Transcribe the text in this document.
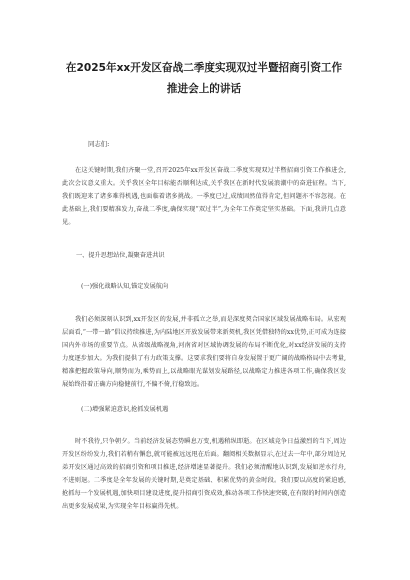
在2025年xx开发区奋战二季度实现双过半暨招商引资工作推进会上的讲话

同志们:

在这关键时期,我们齐聚一堂,召开2025年xx开发区奋战二季度实现双过半暨招商引资工作推进会,此次会议意义重大。关乎我区全年目标能否顺利达成,关乎我区在新时代发展浪潮中的奋进征程。当下,我们既迎来了诸多难得机遇,也面临着诸多挑战。一季度已过,成绩固然值得肯定,但问题亦不容忽视。在此基础上,我们要精准发力,奋战二季度,确保实现“双过半”,为全年工作奠定坚实基础。下面,我讲几点意见。

一、提升思想站位,凝聚奋进共识

(一)强化战略认知,锚定发展航向

我们必须深刻认识到,xx开发区的发展,并非孤立之举,而是深度契合国家区域发展战略布局。从宏观层面看,“一带一路”倡议持续推进,为内陆地区开放发展带来新契机,我区凭借独特的xx优势,正可成为连接国内外市场的重要节点。从省级战略视角,河南省对区域协调发展的布局不断优化,对xx经济发展的支持力度逐步加大。为我们提供了有力政策支撑。这要求我们要将自身发展置于更广阔的战略格局中去考量,精准把握政策导向,顺势而为,乘势而上,以战略眼光谋划发展路径,以战略定力推进各项工作,确保我区发展始终沿着正确方向稳健前行,不偏不倚,行稳致远。

(二)增强紧迫意识,抢抓发展机遇

时不我待,只争朝夕。当前经济发展态势瞬息万变,机遇稍纵即逝。在区域竞争日益激烈的当下,周边开发区纷纷发力,我们若稍有懈怠,就可能被远远甩在后面。翻阅相关数据显示,在过去一年中,部分周边兄弟开发区通过高效的招商引资和项目推进,经济增速显著提升。我们必须清醒地认识到,发展如逆水行舟,不进则退。二季度是全年发展的关键时期,是奠定基础、积累优势的黄金时段。我们要以高度的紧迫感,抢抓每一个发展机遇,加快项目建设进度,提升招商引资成效,推动各项工作快速突破,在有限的时间内创造出更多发展成果,为实现全年目标赢得先机。
